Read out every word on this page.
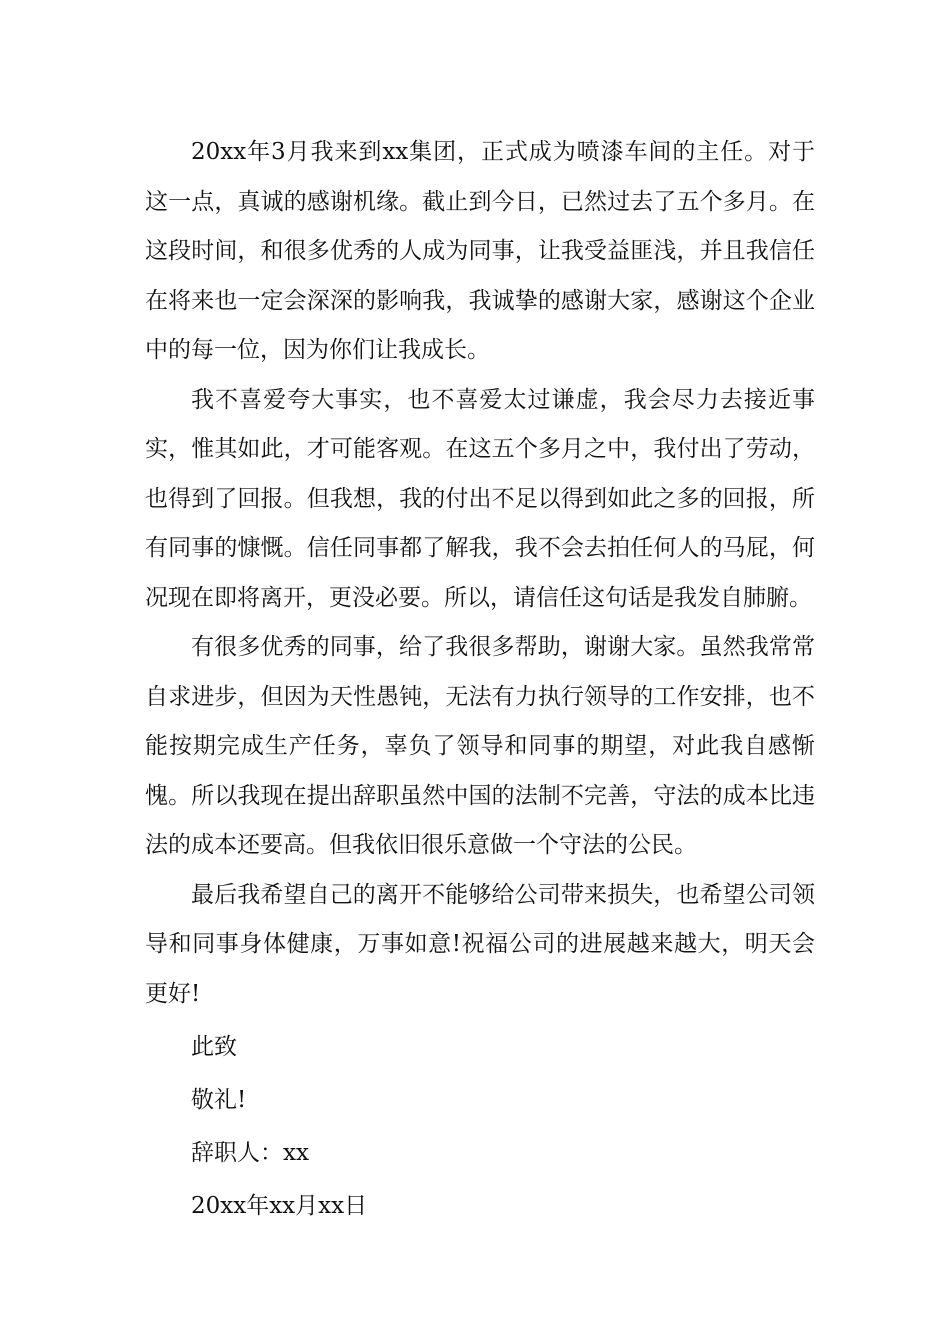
20xx年3月我来到xx集团，正式成为喷漆车间的主任。对于这一点，真诚的感谢机缘。截止到今日，已然过去了五个多月。在这段时间，和很多优秀的人成为同事，让我受益匪浅，并且我信任在将来也一定会深深的影响我，我诚挚的感谢大家，感谢这个企业中的每一位，因为你们让我成长。

我不喜爱夸大事实，也不喜爱太过谦虚，我会尽力去接近事实，惟其如此，才可能客观。在这五个多月之中，我付出了劳动，也得到了回报。但我想，我的付出不足以得到如此之多的回报，所有同事的慷慨。信任同事都了解我，我不会去拍任何人的马屁，何况现在即将离开，更没必要。所以，请信任这句话是我发自肺腑。

有很多优秀的同事，给了我很多帮助，谢谢大家。虽然我常常自求进步，但因为天性愚钝，无法有力执行领导的工作安排，也不能按期完成生产任务，辜负了领导和同事的期望，对此我自感惭愧。所以我现在提出辞职虽然中国的法制不完善，守法的成本比违法的成本还要高。但我依旧很乐意做一个守法的公民。

最后我希望自己的离开不能够给公司带来损失，也希望公司领导和同事身体健康，万事如意!祝福公司的进展越来越大，明天会更好!

此致

敬礼!

辞职人：xx

20xx年xx月xx日
